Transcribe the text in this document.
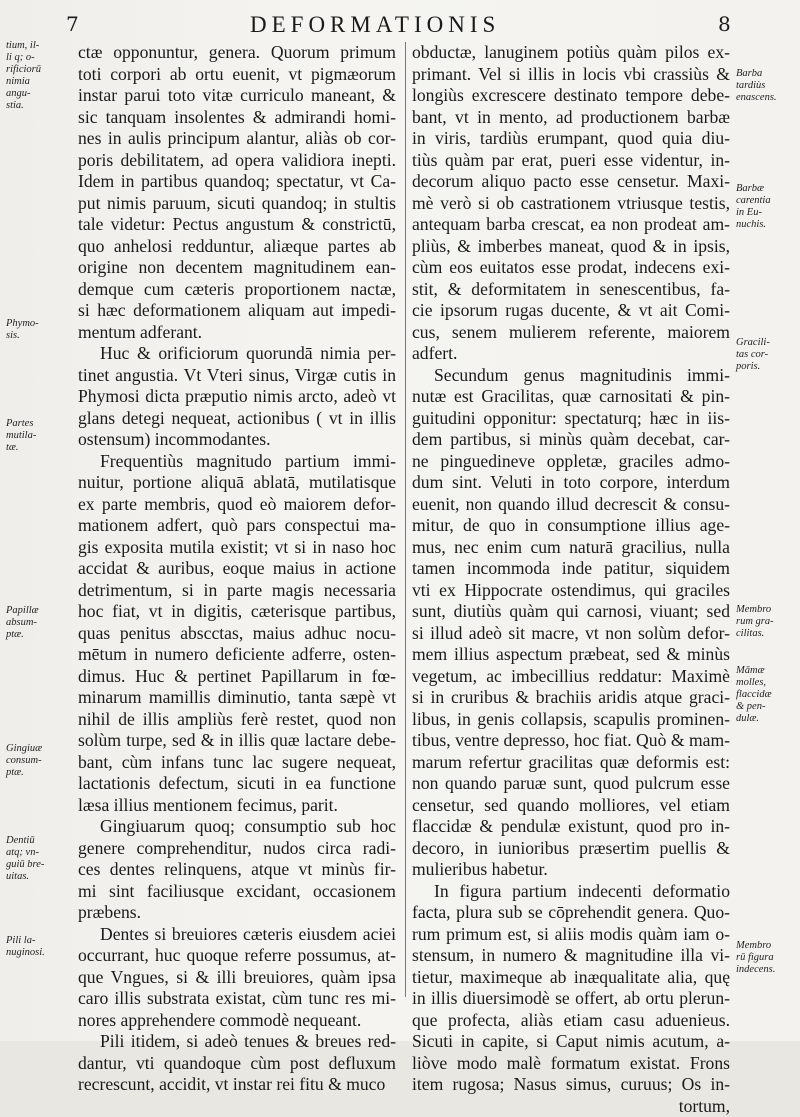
7	DEFORMATIONIS	8
ctæ opponuntur, genera. Quorum primum
toti corpori ab ortu euenit, vt pigmæorum
instar parui toto vitæ curriculo maneant, &
sic tanquam insolentes & admirandi homi-
nes in aulis principum alantur, aliàs ob cor-
poris debilitatem, ad opera validiora inepti.
Idem in partibus quandoq; spectatur, vt Ca-
put nimis paruum, sicuti quandoq; in stultis
tale videtur: Pectus angustum & constrictū,
quo anhelosi redduntur, aliæque partes ab
origine non decentem magnitudinem ean-
demque cum cæteris proportionem nactæ,
si hæc deformationem aliquam aut impedi-
mentum adferant.
Huc & orificiorum quorundā nimia per-
tinet angustia. Vt Vteri sinus, Virgæ cutis in
Phymosi dicta præputio nimis arcto, adeò vt
glans detegi nequeat, actionibus ( vt in illis
ostensum) incommodantes.
Frequentiùs magnitudo partium immi-
nuitur, portione aliquā ablatā, mutilatisque
ex parte membris, quod eò maiorem defor-
mationem adfert, quò pars conspectui ma-
gis exposita mutila existit; vt si in naso hoc
accidat & auribus, eoque maius in actione
detrimentum, si in parte magis necessaria
hoc fiat, vt in digitis, cæterisque partibus,
quas penitus abscctas, maius adhuc nocu-
mētum in numero deficiente adferre, osten-
dimus. Huc & pertinet Papillarum in fœ-
minarum mamillis diminutio, tanta sæpè vt
nihil de illis ampliùs ferè restet, quod non
solùm turpe, sed & in illis quæ lactare debe-
bant, cùm infans tunc lac sugere nequeat,
lactationis defectum, sicuti in ea functione
læsa illius mentionem fecimus, parit.
Gingiuarum quoq; consumptio sub hoc
genere comprehenditur, nudos circa radi-
ces dentes relinquens, atque vt minùs fir-
mi sint faciliusque excidant, occasionem
præbens.
Dentes si breuiores cæteris eiusdem aciei
occurrant, huc quoque referre possumus, at-
que Vngues, si & illi breuiores, quàm ipsa
caro illis substrata existat, cùm tunc res mi-
nores apprehendere commodè nequeant.
Pili itidem, si adeò tenues & breues red-
dantur, vti quandoque cùm post defluxum
recrescunt, accidit, vt instar rei fitu & muco
obductæ, lanuginem potiùs quàm pilos ex-
primant. Vel si illis in locis vbi crassiùs &
longiùs excrescere destinato tempore debe-
bant, vt in mento, ad productionem barbæ
in viris, tardiùs erumpant, quod quia diu-
tiùs quàm par erat, pueri esse videntur, in-
decorum aliquo pacto esse censetur. Maxi-
mè verò si ob castrationem vtriusque testis,
antequam barba crescat, ea non prodeat am-
pliùs, & imberbes maneat, quod & in ipsis,
cùm eos euitatos esse prodat, indecens exi-
stit, & deformitatem in senescentibus, fa-
cie ipsorum rugas ducente, & vt ait Comi-
cus, senem mulierem referente, maiorem
adfert.
Secundum genus magnitudinis immi-
nutæ est Gracilitas, quæ carnositati & pin-
guitudini opponitur: spectaturq; hæc in iis-
dem partibus, si minùs quàm decebat, car-
ne pinguedineve oppletæ, graciles admo-
dum sint. Veluti in toto corpore, interdum
euenit, non quando illud decrescit & consu-
mitur, de quo in consumptione illius age-
mus, nec enim cum naturā gracilius, nulla
tamen incommoda inde patitur, siquidem
vti ex Hippocrate ostendimus, qui graciles
sunt, diutiùs quàm qui carnosi, viuant; sed
si illud adeò sit macre, vt non solùm defor-
mem illius aspectum præbeat, sed & minùs
vegetum, ac imbecillius reddatur: Maximè
si in cruribus & brachiis aridis atque graci-
libus, in genis collapsis, scapulis prominen-
tibus, ventre depresso, hoc fiat. Quò & mam-
marum refertur gracilitas quæ deformis est:
non quando paruæ sunt, quod pulcrum esse
censetur, sed quando molliores, vel etiam
flaccidæ & pendulæ existunt, quod pro in-
decoro, in iunioribus præsertim puellis &
mulieribus habetur.
In figura partium indecenti deformatio
facta, plura sub se cōprehendit genera. Quo-
rum primum est, si aliis modis quàm iam o-
stensum, in numero & magnitudine illa vi-
tietur, maximeque ab inæqualitate alia, quę
in illis diuersimodè se offert, ab ortu plerun-
que profecta, aliàs etiam casu aduenieus.
Sicuti in capite, si Caput nimis acutum, a-
liòve modo malè formatum existat. Frons
item rugosa; Nasus simus, curuus; Os in-
tortum,
tium, il-
li q; o-
rificiorū
nimia
angu-
stia.
Phymo-
sis.
Partes
mutila-
tæ.
Papillæ
absum-
ptæ.
Gingiuæ
consum-
ptæ.
Dentiū
atq; vn-
guiū bre-
uitas.
Pili la-
nuginosi.
Barba
tardiùs
enascens.
Barbæ
carentia
in Eu-
nuchis.
Gracili-
tas cor-
poris.
Membro
rum gra-
cilitas.
Māmæ
molles,
flaccidæ
& pen-
dulæ.
Membro
rū figura
indecens.
